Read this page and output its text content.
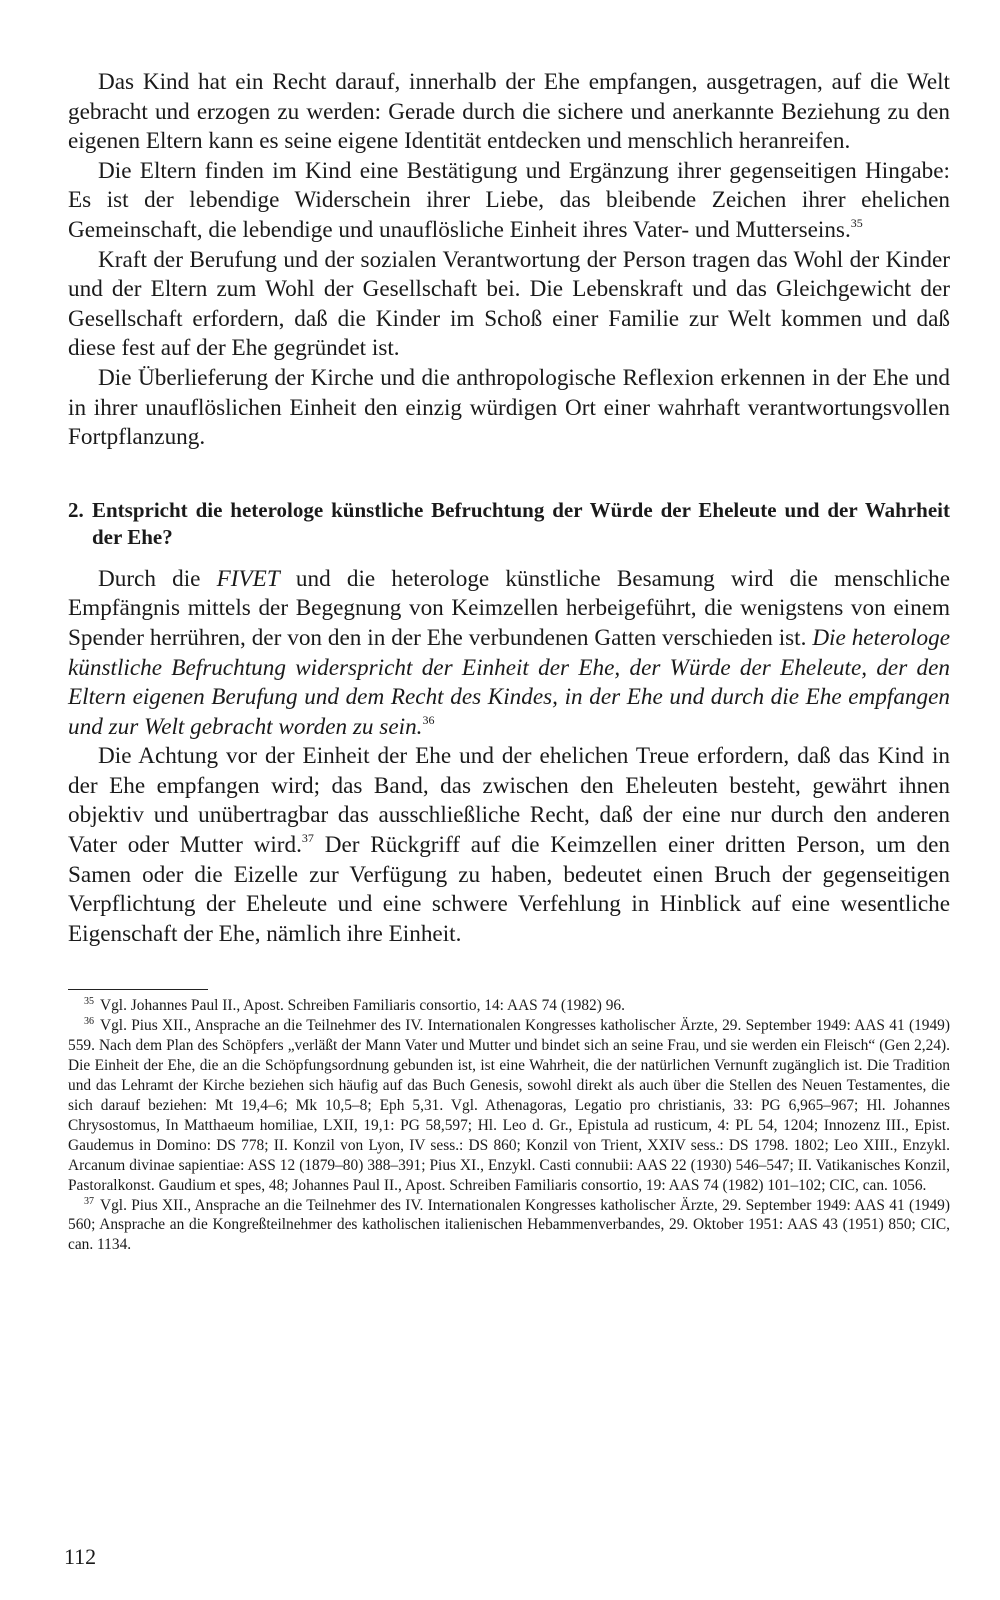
Das Kind hat ein Recht darauf, innerhalb der Ehe empfangen, ausgetragen, auf die Welt gebracht und erzogen zu werden: Gerade durch die sichere und anerkannte Beziehung zu den eigenen Eltern kann es seine eigene Identität entdecken und menschlich heranreifen.

Die Eltern finden im Kind eine Bestätigung und Ergänzung ihrer gegenseitigen Hingabe: Es ist der lebendige Widerschein ihrer Liebe, das bleibende Zeichen ihrer ehelichen Gemeinschaft, die lebendige und unauflösliche Einheit ihres Vater- und Mutterseins.$^{35}$

Kraft der Berufung und der sozialen Verantwortung der Person tragen das Wohl der Kinder und der Eltern zum Wohl der Gesellschaft bei. Die Lebenskraft und das Gleichgewicht der Gesellschaft erfordern, daß die Kinder im Schoß einer Familie zur Welt kommen und daß diese fest auf der Ehe gegründet ist.

Die Überlieferung der Kirche und die anthropologische Reflexion erkennen in der Ehe und in ihrer unauflöslichen Einheit den einzig würdigen Ort einer wahrhaft verantwortungsvollen Fortpflanzung.

2. Entspricht die heterologe künstliche Befruchtung der Würde der Eheleute und der Wahrheit der Ehe?

Durch die FIVET und die heterologe künstliche Besamung wird die menschliche Empfängnis mittels der Begegnung von Keimzellen herbeigeführt, die wenigstens von einem Spender herrühren, der von den in der Ehe verbundenen Gatten verschieden ist. Die heterologe künstliche Befruchtung widerspricht der Einheit der Ehe, der Würde der Eheleute, der den Eltern eigenen Berufung und dem Recht des Kindes, in der Ehe und durch die Ehe empfangen und zur Welt gebracht worden zu sein.$^{36}$

Die Achtung vor der Einheit der Ehe und der ehelichen Treue erfordern, daß das Kind in der Ehe empfangen wird; das Band, das zwischen den Eheleuten besteht, gewährt ihnen objektiv und unübertragbar das ausschließliche Recht, daß der eine nur durch den anderen Vater oder Mutter wird.$^{37}$ Der Rückgriff auf die Keimzellen einer dritten Person, um den Samen oder die Eizelle zur Verfügung zu haben, bedeutet einen Bruch der gegenseitigen Verpflichtung der Eheleute und eine schwere Verfehlung in Hinblick auf eine wesentliche Eigenschaft der Ehe, nämlich ihre Einheit.

$^{35}$ Vgl. Johannes Paul II., Apost. Schreiben Familiaris consortio, 14: AAS 74 (1982) 96.

$^{36}$ Vgl. Pius XII., Ansprache an die Teilnehmer des IV. Internationalen Kongresses katholischer Ärzte, 29. September 1949: AAS 41 (1949) 559. Nach dem Plan des Schöpfers „verläßt der Mann Vater und Mutter und bindet sich an seine Frau, und sie werden ein Fleisch“ (Gen 2,24). Die Einheit der Ehe, die an die Schöpfungsordnung gebunden ist, ist eine Wahrheit, die der natürlichen Vernunft zugänglich ist. Die Tradition und das Lehramt der Kirche beziehen sich häufig auf das Buch Genesis, sowohl direkt als auch über die Stellen des Neuen Testamentes, die sich darauf beziehen: Mt 19,4–6; Mk 10,5–8; Eph 5,31. Vgl. Athenagoras, Legatio pro christianis, 33: PG 6,965–967; Hl. Johannes Chrysostomus, In Matthaeum homiliae, LXII, 19,1: PG 58,597; Hl. Leo d. Gr., Epistula ad rusticum, 4: PL 54, 1204; Innozenz III., Epist. Gaudemus in Domino: DS 778; II. Konzil von Lyon, IV sess.: DS 860; Konzil von Trient, XXIV sess.: DS 1798. 1802; Leo XIII., Enzykl. Arcanum divinae sapientiae: ASS 12 (1879–80) 388–391; Pius XI., Enzykl. Casti connubii: AAS 22 (1930) 546–547; II. Vatikanisches Konzil, Pastoralkonst. Gaudium et spes, 48; Johannes Paul II., Apost. Schreiben Familiaris consortio, 19: AAS 74 (1982) 101–102; CIC, can. 1056.

$^{37}$ Vgl. Pius XII., Ansprache an die Teilnehmer des IV. Internationalen Kongresses katholischer Ärzte, 29. September 1949: AAS 41 (1949) 560; Ansprache an die Kongreßteilnehmer des katholischen italienischen Hebammenverbandes, 29. Oktober 1951: AAS 43 (1951) 850; CIC, can. 1134.

112
